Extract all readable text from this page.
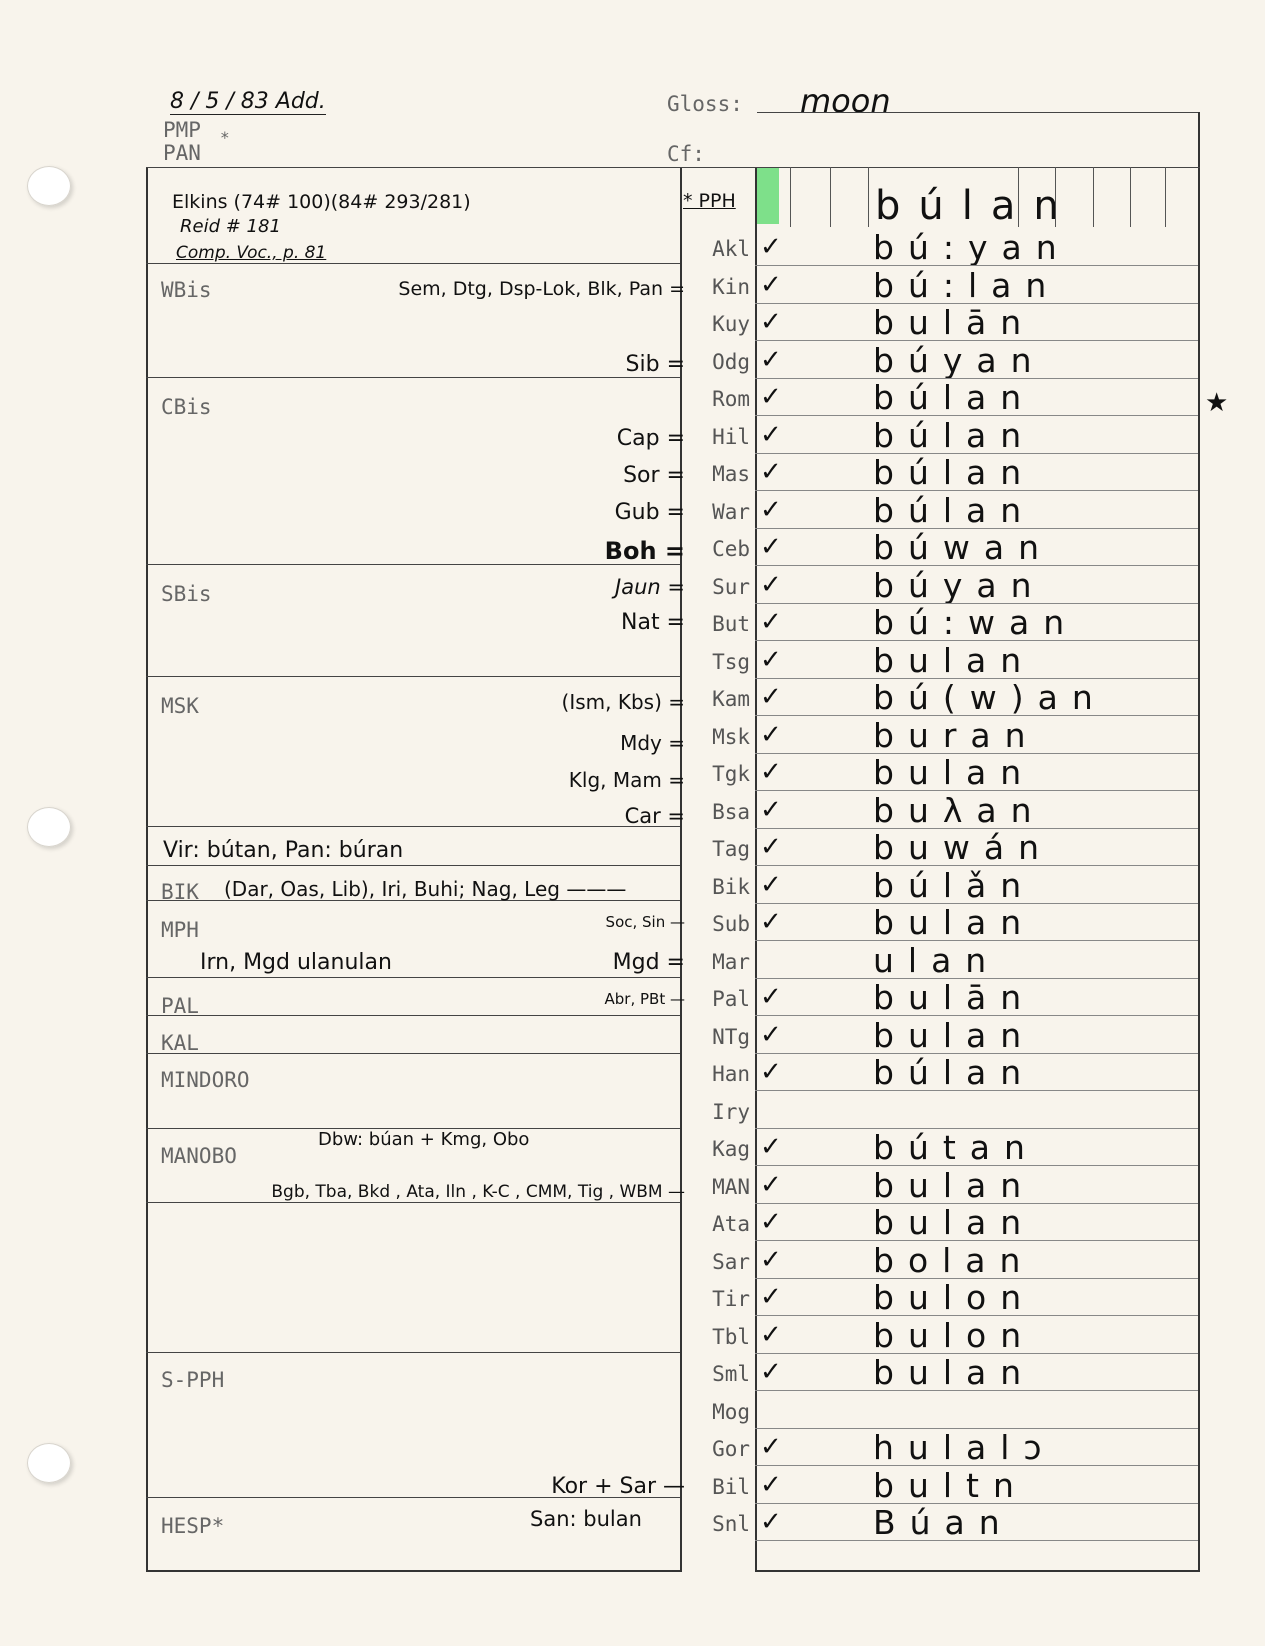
8 / 5 / 83 Add.
PMP *
PAN
Gloss: moon
Cf:
* PPH	búlan
Elkins (74# 100)(84# 293/281)
Reid # 181
Comp. Voc., p. 81
WBis
CBis
SBis
MSK
BIK
MPH
PAL
KAL
MINDORO
MANOBO
S-PPH
HESP*
Sem, Dtg, Dsp-Lok, Blk, Pan =
Sib =
Cap =
Sor =
Gub =
Boh =
Jaun =
Nat =
(Ism, Kbs) =
Mdy =
Klg, Mam =
Car =
Vir: bútan, Pan: búran
(Dar, Oas, Lib), Iri, Buhi; Nag, Leg ———
Soc, Sin —
Irn, Mgd ulanulan	Mgd =
Abr, PBt —
Dbw: búan + Kmg, Obo
Bgb, Tba, Bkd , Ata, Iln , K-C , CMM, Tig , WBM —
Kor + Sar —
San: bulan
★
Akl ✓	bú:yan
Kin ✓	bú:lan
Kuy ✓	bulān
Odg ✓	búyan
Rom ✓	búlan
Hil ✓	búlan
Mas ✓	búlan
War ✓	búlan
Ceb ✓	búwan
Sur ✓	búyan
But ✓	bú:wan
Tsg ✓	bulan
Kam ✓	bú(w)an
Msk ✓	buran
Tgk ✓	bulan
Bsa ✓	buλan
Tag ✓	buwán
Bik ✓	búlǎn
Sub ✓	bulan
Mar	ulan
Pal ✓	bulān
NTg ✓	bulan
Han ✓	búlan
Iry
Kag ✓	bútan
MAN ✓	bulan
Ata ✓	bulan
Sar ✓	bolan
Tir ✓	bulon
Tbl ✓	bulon
Sml ✓	bulan
Mog
Gor ✓	hulalɔ
Bil ✓	bultn
Snl ✓	Búan
